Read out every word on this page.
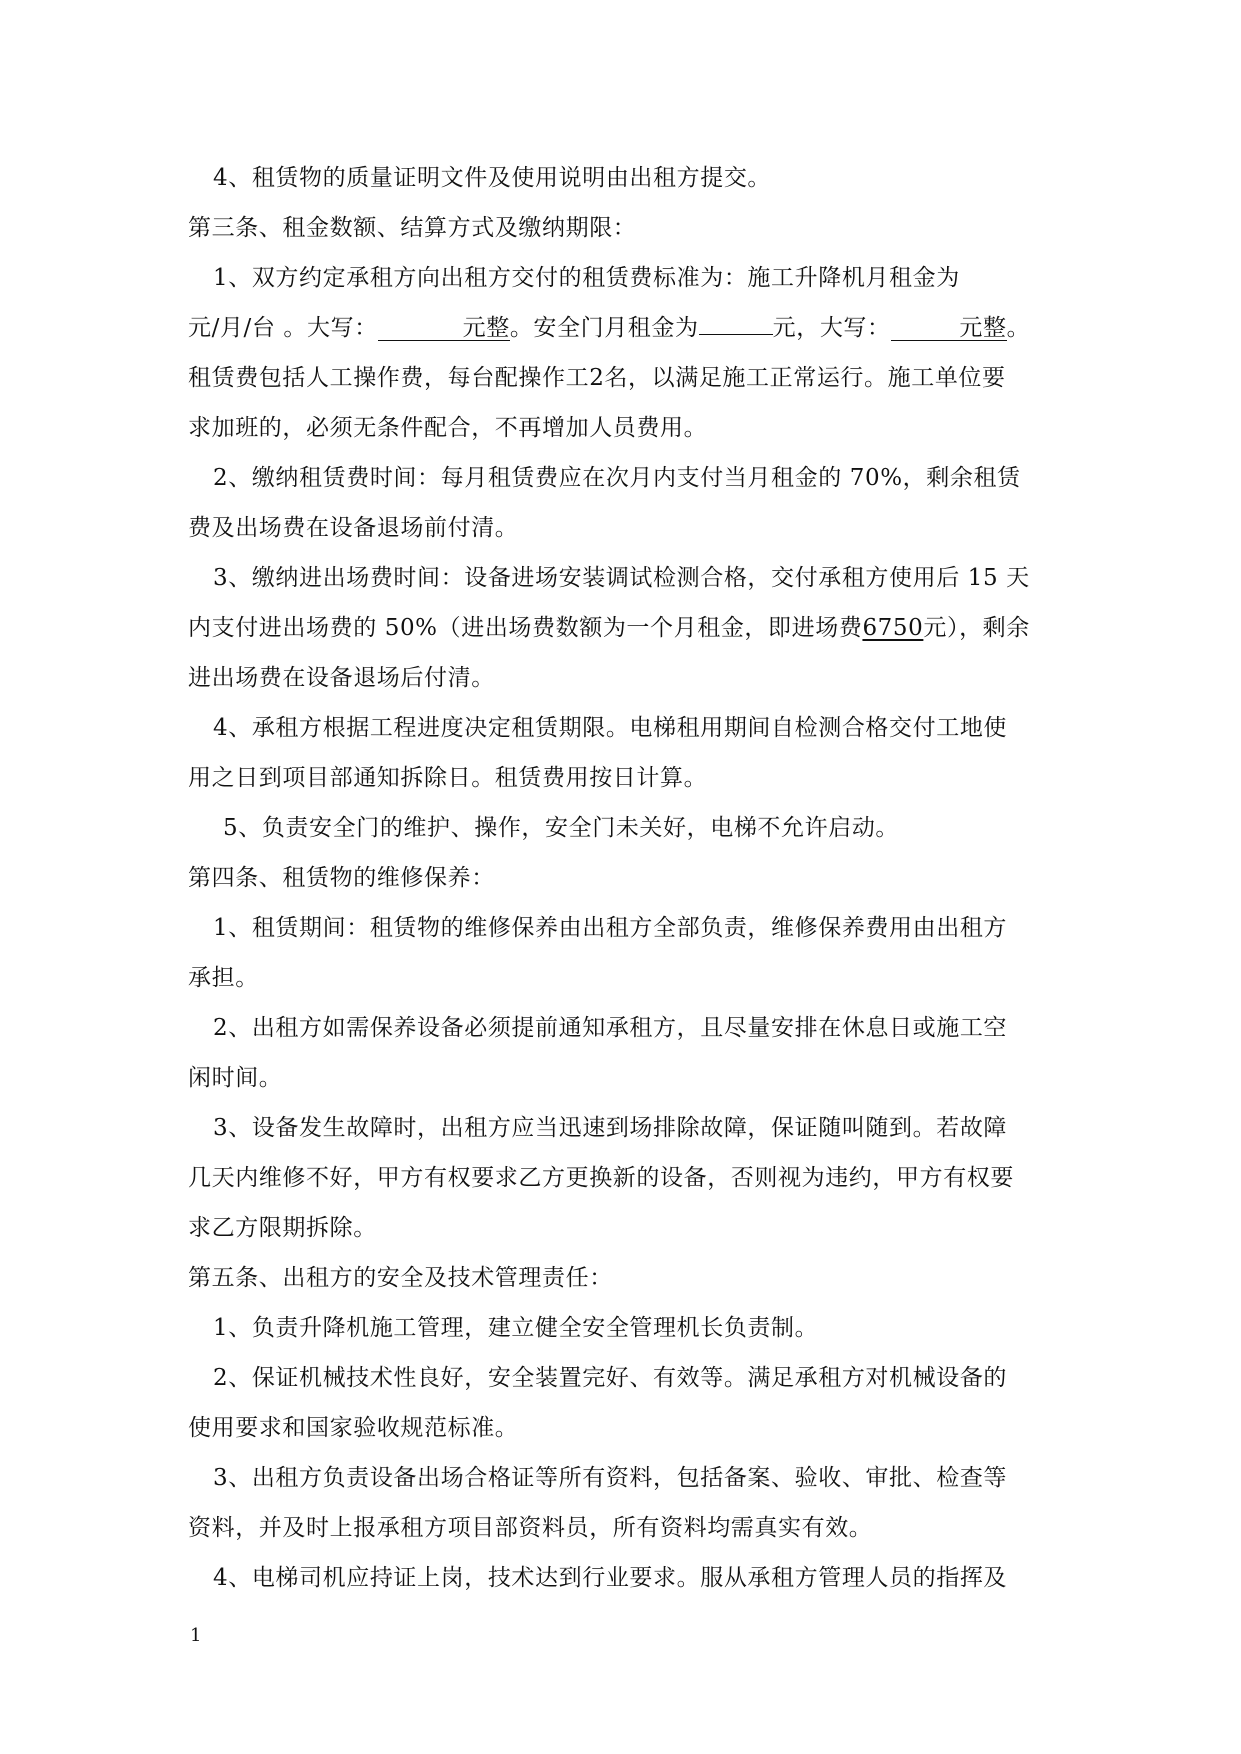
4、租赁物的质量证明文件及使用说明由出租方提交。
第三条、租金数额、结算方式及缴纳期限：
1、双方约定承租方向出租方交付的租赁费标准为：施工升降机月租金为
元/月/台 。大写：	元整。安全门月租金为	元，大写：	元整。
租赁费包括人工操作费，每台配操作工2名，以满足施工正常运行。施工单位要
求加班的，必须无条件配合，不再增加人员费用。
2、缴纳租赁费时间：每月租赁费应在次月内支付当月租金的 70%，剩余租赁
费及出场费在设备退场前付清。
3、缴纳进出场费时间：设备进场安装调试检测合格，交付承租方使用后 15 天
内支付进出场费的 50%（进出场费数额为一个月租金，即进场费6750元），剩余
进出场费在设备退场后付清。
4、承租方根据工程进度决定租赁期限。电梯租用期间自检测合格交付工地使
用之日到项目部通知拆除日。租赁费用按日计算。
5、负责安全门的维护、操作，安全门未关好，电梯不允许启动。
第四条、租赁物的维修保养：
1、租赁期间：租赁物的维修保养由出租方全部负责，维修保养费用由出租方
承担。
2、出租方如需保养设备必须提前通知承租方，且尽量安排在休息日或施工空
闲时间。
3、设备发生故障时，出租方应当迅速到场排除故障，保证随叫随到。若故障
几天内维修不好，甲方有权要求乙方更换新的设备，否则视为违约，甲方有权要
求乙方限期拆除。
第五条、出租方的安全及技术管理责任：
1、负责升降机施工管理，建立健全安全管理机长负责制。
2、保证机械技术性良好，安全装置完好、有效等。满足承租方对机械设备的
使用要求和国家验收规范标准。
3、出租方负责设备出场合格证等所有资料，包括备案、验收、审批、检查等
资料，并及时上报承租方项目部资料员，所有资料均需真实有效。
4、电梯司机应持证上岗，技术达到行业要求。服从承租方管理人员的指挥及
1
